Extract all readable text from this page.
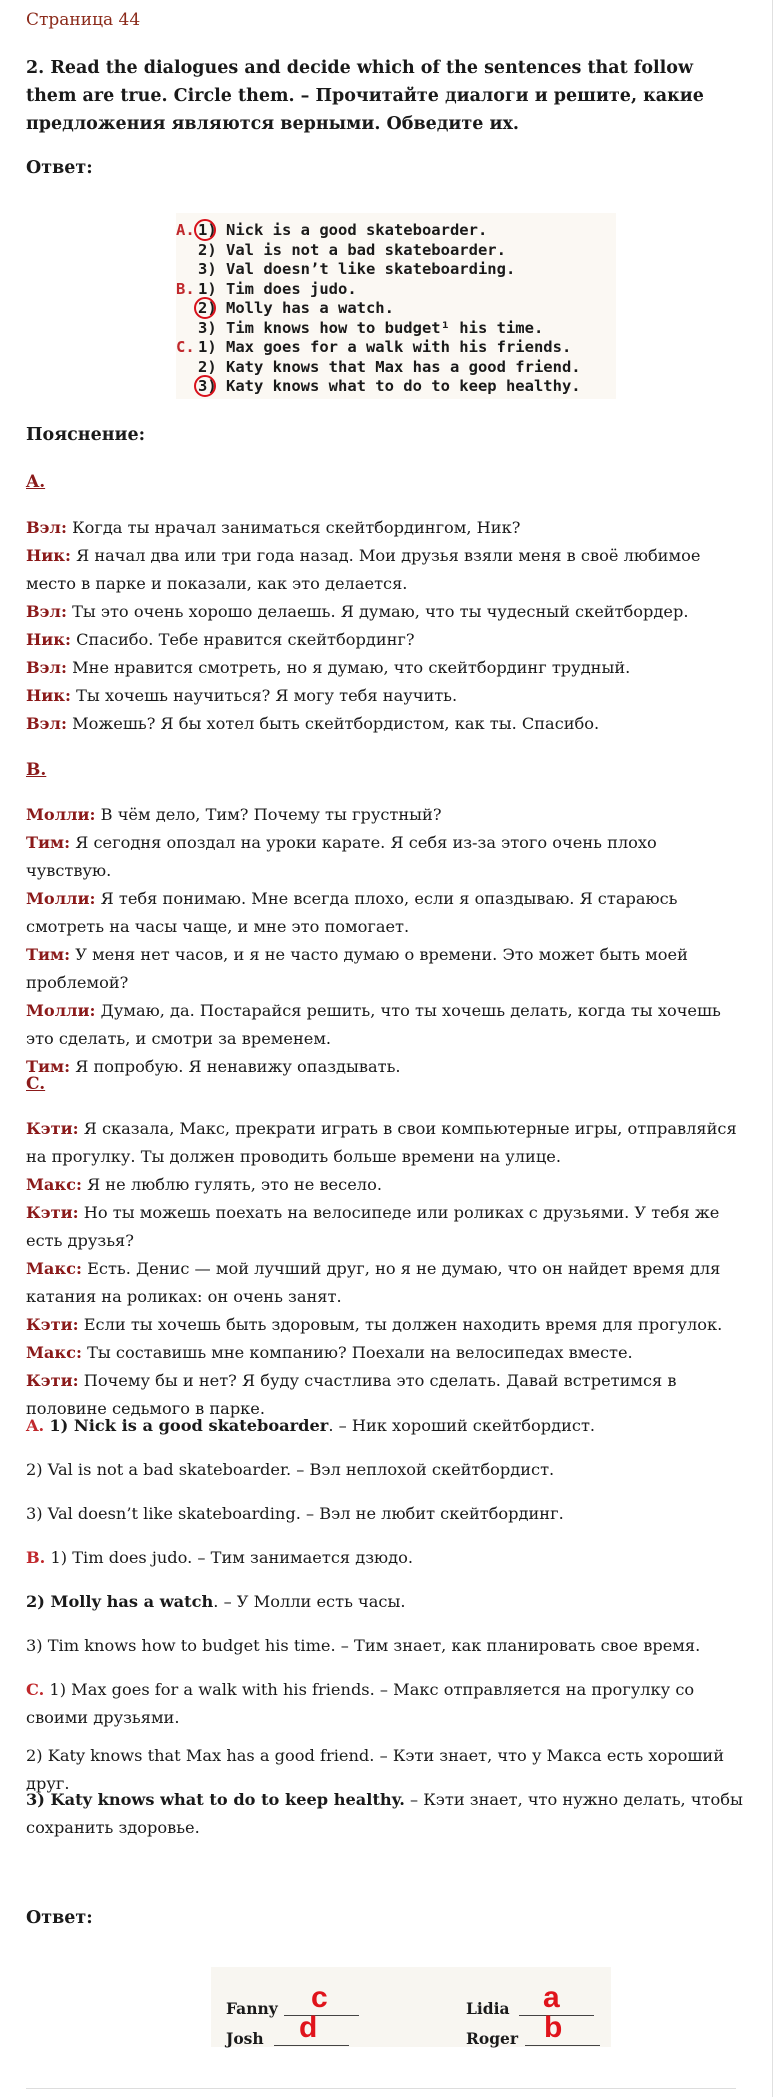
Страница 44

2. Read the dialogues and decide which of the sentences that follow them are true. Circle them. – Прочитайте диалоги и решите, какие предложения являются верными. Обведите их.

Ответ:
A. 1) Nick is a good skateboarder.
2) Val is not a bad skateboarder.
3) Val doesn’t like skateboarding.
B. 1) Tim does judo.
2) Molly has a watch.
3) Tim knows how to budget¹ his time.
C. 1) Max goes for a walk with his friends.
2) Katy knows that Max has a good friend.
3) Katy knows what to do to keep healthy.
Пояснение:
A.

Вэл: Когда ты нрачал заниматься скейтбордингом, Ник?

Ник: Я начал два или три года назад. Мои друзья взяли меня в своё любимое место в парке и показали, как это делается.

Вэл: Ты это очень хорошо делаешь. Я думаю, что ты чудесный скейтбордер.

Ник: Спасибо. Тебе нравится скейтбординг?

Вэл: Мне нравится смотреть, но я думаю, что скейтбординг трудный.

Ник: Ты хочешь научиться? Я могу тебя научить.

Вэл: Можешь? Я бы хотел быть скейтбордистом, как ты. Спасибо.

B.

Молли: В чём дело, Тим? Почему ты грустный?

Тим: Я сегодня опоздал на уроки карате. Я себя из-за этого очень плохо чувствую.

Молли: Я тебя понимаю. Мне всегда плохо, если я опаздываю. Я стараюсь смотреть на часы чаще, и мне это помогает.

Тим: У меня нет часов, и я не часто думаю о времени. Это может быть моей проблемой?

Молли: Думаю, да. Постарайся решить, что ты хочешь делать, когда ты хочешь это сделать, и смотри за временем.

Тим: Я попробую. Я ненавижу опаздывать.

C.

Кэти: Я сказала, Макс, прекрати играть в свои компьютерные игры, отправляйся на прогулку. Ты должен проводить больше времени на улице.

Макс: Я не люблю гулять, это не весело.

Кэти: Но ты можешь поехать на велосипеде или роликах с друзьями. У тебя же есть друзья?

Макс: Есть. Денис — мой лучший друг, но я не думаю, что он найдет время для катания на роликах: он очень занят.

Кэти: Если ты хочешь быть здоровым, ты должен находить время для прогулок.

Макс: Ты составишь мне компанию? Поехали на велосипедах вместе.

Кэти: Почему бы и нет? Я буду счастлива это сделать. Давай встретимся в половине седьмого в парке.

A. 1) Nick is a good skateboarder. – Ник хороший скейтбордист.

2) Val is not a bad skateboarder. – Вэл неплохой скейтбордист.

3) Val doesn’t like skateboarding. – Вэл не любит скейтбординг.

B. 1) Tim does judo. – Тим занимается дзюдо.

2) Molly has a watch. – У Молли есть часы.

3) Tim knows how to budget his time. – Тим знает, как планировать свое время.

C. 1) Max goes for a walk with his friends. – Макс отправляется на прогулку со своими друзьями.

2) Katy knows that Max has a good friend. – Кэти знает, что у Макса есть хороший друг.

3) Katy knows what to do to keep healthy. – Кэти знает, что нужно делать, чтобы сохранить здоровье.

Ответ:
Fanny c	Lidia a
Josh d	Roger b
